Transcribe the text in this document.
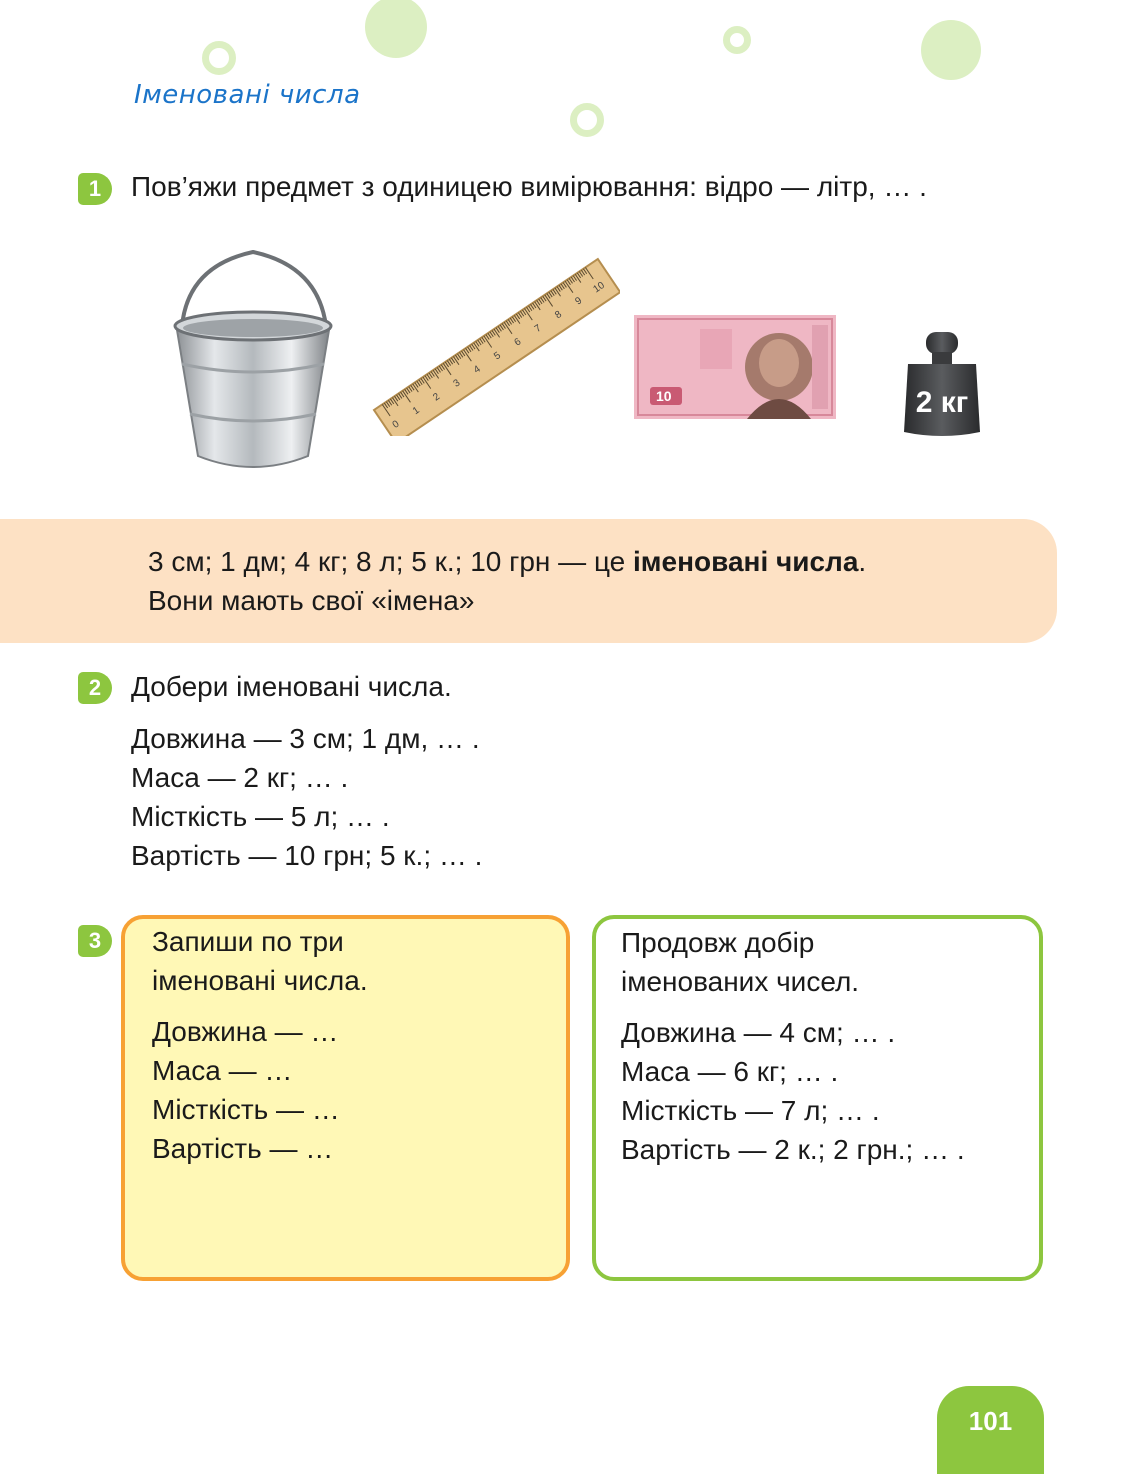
Іменовані числа
1	Пов’яжи предмет з одиницею вимірювання: відро — літр, … .
0
1
2
3
4
5
6
7
8
9
10
10	2 кг
3 см; 1 дм; 4 кг; 8 л; 5 к.; 10 грн — це іменовані числа.
Вони мають свої «імена»
2	Добери іменовані числа.
Довжина — 3 см; 1 дм, … .
Маса — 2 кг; … .
Місткість — 5 л; … .
Вартість — 10 грн; 5 к.; … .
3	Запиши по три
іменовані числа.
Довжина — …
Маса — …
Місткість — …
Вартість — …
Продовж добір
іменованих чисел.
Довжина — 4 см; … .
Маса — 6 кг; … .
Місткість — 7 л; … .
Вартість — 2 к.; 2 грн.; … .
101
